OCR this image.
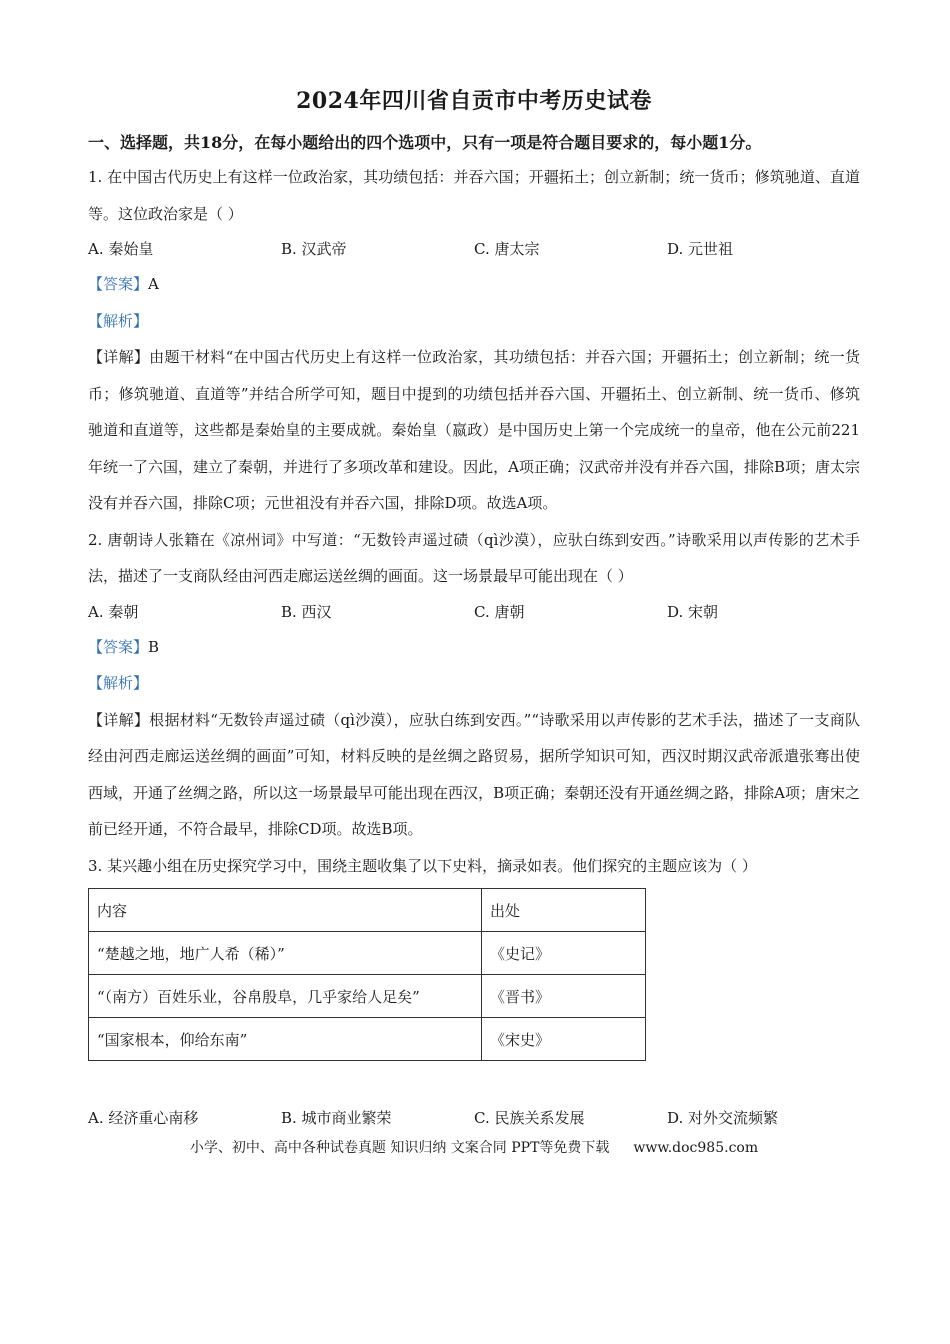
2024年四川省自贡市中考历史试卷
一、选择题，共18分，在每小题给出的四个选项中，只有一项是符合题目要求的，每小题1分。

1. 在中国古代历史上有这样一位政治家，其功绩包括：并吞六国；开疆拓土；创立新制；统一货币；修筑驰道、直道等。这位政治家是（ ）

A. 秦始皇	B. 汉武帝	C. 唐太宗	D. 元世祖

【答案】A

【解析】

【详解】由题干材料“在中国古代历史上有这样一位政治家，其功绩包括：并吞六国；开疆拓土；创立新制；统一货币；修筑驰道、直道等”并结合所学可知，题目中提到的功绩包括并吞六国、开疆拓土、创立新制、统一货币、修筑驰道和直道等，这些都是秦始皇的主要成就。秦始皇（嬴政）是中国历史上第一个完成统一的皇帝，他在公元前221年统一了六国，建立了秦朝，并进行了多项改革和建设。因此，A项正确；汉武帝并没有并吞六国，排除B项；唐太宗没有并吞六国，排除C项；元世祖没有并吞六国，排除D项。故选A项。

2. 唐朝诗人张籍在《凉州词》中写道：“无数铃声遥过碛（qì沙漠），应驮白练到安西。”诗歌采用以声传影的艺术手法，描述了一支商队经由河西走廊运送丝绸的画面。这一场景最早可能出现在（ ）

A. 秦朝	B. 西汉	C. 唐朝	D. 宋朝

【答案】B

【解析】

【详解】根据材料“无数铃声遥过碛（qì沙漠），应驮白练到安西。”“诗歌采用以声传影的艺术手法，描述了一支商队经由河西走廊运送丝绸的画面”可知，材料反映的是丝绸之路贸易，据所学知识可知，西汉时期汉武帝派遣张骞出使西域，开通了丝绸之路，所以这一场景最早可能出现在西汉，B项正确；秦朝还没有开通丝绸之路，排除A项；唐宋之前已经开通，不符合最早，排除CD项。故选B项。

3. 某兴趣小组在历史探究学习中，围绕主题收集了以下史料，摘录如表。他们探究的主题应该为（ ）

内容	出处
“楚越之地，地广人希（稀）”	《史记》
“（南方）百姓乐业，谷帛殷阜，几乎家给人足矣”	《晋书》
“国家根本，仰给东南”	《宋史》
A. 经济重心南移	B. 城市商业繁荣	C. 民族关系发展	D. 对外交流频繁
小学、初中、高中各种试卷真题 知识归纳 文案合同 PPT等免费下载 www.doc985.com
